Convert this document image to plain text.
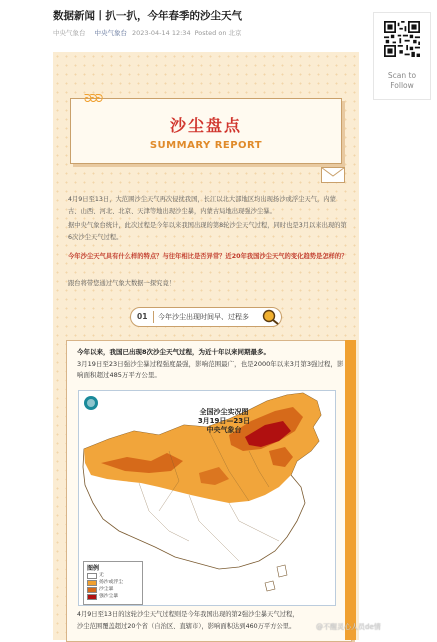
数据新闻丨扒一扒，今年春季的沙尘天气
中央气象台 中央气象台 2023-04-14 12:34 Posted on 北京
Scan to
Follow
ᘐᘐᘐ
沙尘盘点
SUMMARY REPORT
4月9日至13日，大范围沙尘天气再次侵扰我国，长江以北大部地区均出现扬沙或浮尘天气，内蒙古、山西、河北、北京、天津等地出现沙尘暴，内蒙古局地出现强沙尘暴。
据中央气象台统计，此次过程是今年以来我国出现的第8轮沙尘天气过程，同时也是3月以来出现的第6次沙尘天气过程。
今年沙尘天气具有什么样的特点？与往年相比是否异常？近20年我国沙尘天气的变化趋势是怎样的？
跟台将带您通过气象大数据一探究竟！
01 今年沙尘出现时间早、过程多
今年以来，我国已出现8次沙尘天气过程，为近十年以来同期最多。
3月19日至23日强沙尘暴过程强度最强，影响范围最广，也是2000年以来3月第3强过程，影响面积超过485万平方公里。
全国沙尘实况图
3月19日—23日
中央气象台
图例
无
扬沙或浮尘
沙尘暴
强沙尘暴
4月9日至13日的这轮沙尘天气过程则是今年我国出现的第2强沙尘暴天气过程，
沙尘范围覆盖超过20个省（自治区、直辖市），影响面积达到460万平方公里。	@不醒灵心人员de情
